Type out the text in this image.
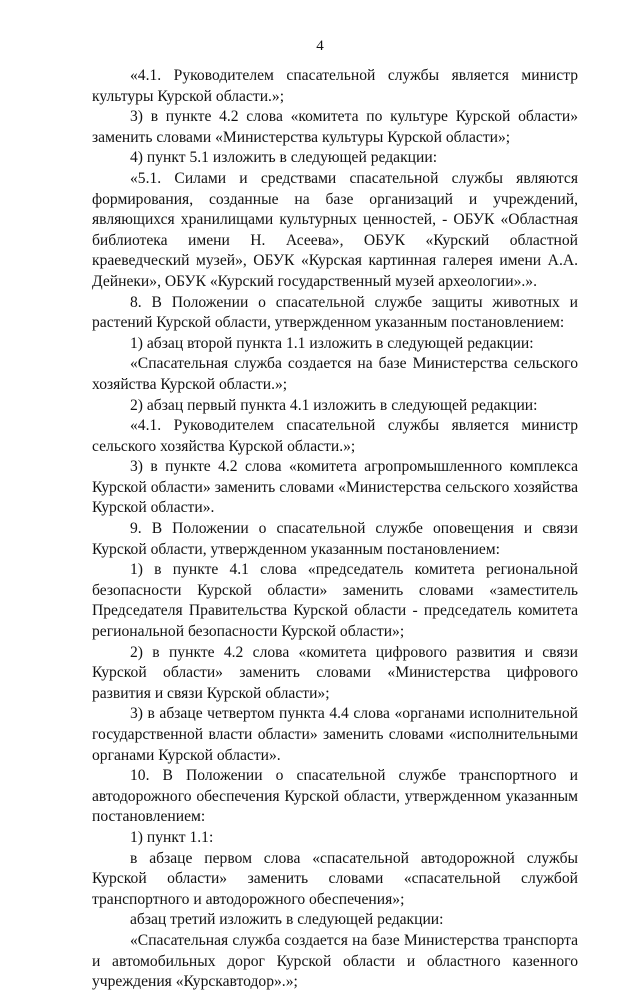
4

«4.1. Руководителем спасательной службы является министр культуры Курской области.»;

3) в пункте 4.2 слова «комитета по культуре Курской области» заменить словами «Министерства культуры Курской области»;

4) пункт 5.1 изложить в следующей редакции:

«5.1. Силами и средствами спасательной службы являются формирования, созданные на базе организаций и учреждений, являющихся хранилищами культурных ценностей, - ОБУК «Областная библиотека имени Н. Асеева», ОБУК «Курский областной краеведческий музей», ОБУК «Курская картинная галерея имени А.А. Дейнеки», ОБУК «Курский государственный музей археологии».».

8. В Положении о спасательной службе защиты животных и растений Курской области, утвержденном указанным постановлением:

1) абзац второй пункта 1.1 изложить в следующей редакции:

«Спасательная служба создается на базе Министерства сельского хозяйства Курской области.»;

2) абзац первый пункта 4.1 изложить в следующей редакции:

«4.1. Руководителем спасательной службы является министр сельского хозяйства Курской области.»;

3) в пункте 4.2 слова «комитета агропромышленного комплекса Курской области» заменить словами «Министерства сельского хозяйства Курской области».

9. В Положении о спасательной службе оповещения и связи Курской области, утвержденном указанным постановлением:

1) в пункте 4.1 слова «председатель комитета региональной безопасности Курской области» заменить словами «заместитель Председателя Правительства Курской области - председатель комитета региональной безопасности Курской области»;

2) в пункте 4.2 слова «комитета цифрового развития и связи Курской области» заменить словами «Министерства цифрового развития и связи Курской области»;

3) в абзаце четвертом пункта 4.4 слова «органами исполнительной государственной власти области» заменить словами «исполнительными органами Курской области».

10. В Положении о спасательной службе транспортного и автодорожного обеспечения Курской области, утвержденном указанным постановлением:

1) пункт 1.1:

в абзаце первом слова «спасательной автодорожной службы Курской области» заменить словами «спасательной службой транспортного и автодорожного обеспечения»;

абзац третий изложить в следующей редакции:

«Спасательная служба создается на базе Министерства транспорта и автомобильных дорог Курской области и областного казенного учреждения «Курскавтодор».»;
